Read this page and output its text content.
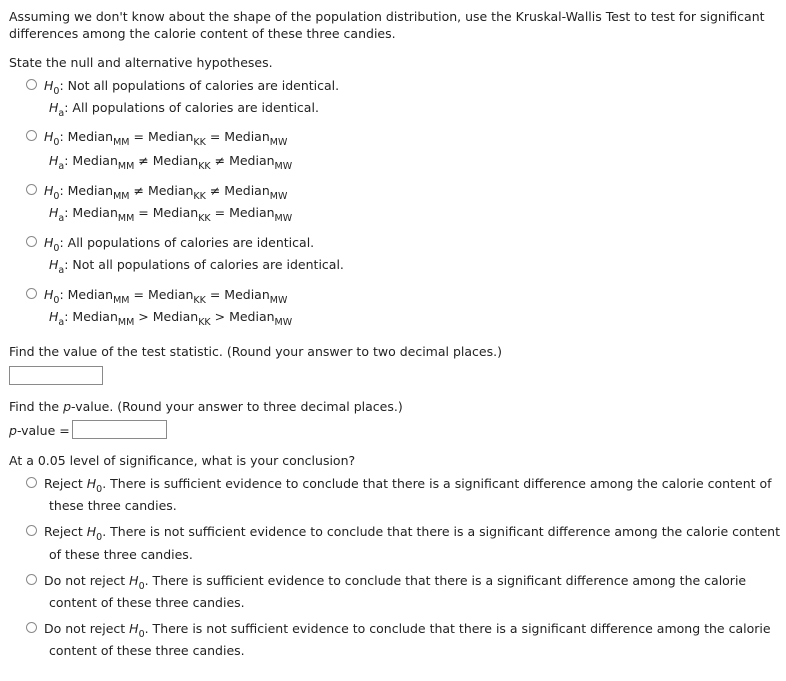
Assuming we don't know about the shape of the population distribution, use the Kruskal-Wallis Test to test for significant differences among the calorie content of these three candies.
State the null and alternative hypotheses.
$H_0$: Not all populations of calories are identical.
$H_a$: All populations of calories are identical.
$H_0$: Median$_{MM}$ = Median$_{KK}$ = Median$_{MW}$
$H_a$: Median$_{MM}$ ≠ Median$_{KK}$ ≠ Median$_{MW}$
$H_0$: Median$_{MM}$ ≠ Median$_{KK}$ ≠ Median$_{MW}$
$H_a$: Median$_{MM}$ = Median$_{KK}$ = Median$_{MW}$
$H_0$: All populations of calories are identical.
$H_a$: Not all populations of calories are identical.
$H_0$: Median$_{MM}$ = Median$_{KK}$ = Median$_{MW}$
$H_a$: Median$_{MM}$ > Median$_{KK}$ > Median$_{MW}$
Find the value of the test statistic. (Round your answer to two decimal places.)
Find the p-value. (Round your answer to three decimal places.)
p-value =
At a 0.05 level of significance, what is your conclusion?
Reject $H_0$. There is sufficient evidence to conclude that there is a significant difference among the calorie content of
these three candies.
Reject $H_0$. There is not sufficient evidence to conclude that there is a significant difference among the calorie content
of these three candies.
Do not reject $H_0$. There is sufficient evidence to conclude that there is a significant difference among the calorie
content of these three candies.
Do not reject $H_0$. There is not sufficient evidence to conclude that there is a significant difference among the calorie
content of these three candies.
